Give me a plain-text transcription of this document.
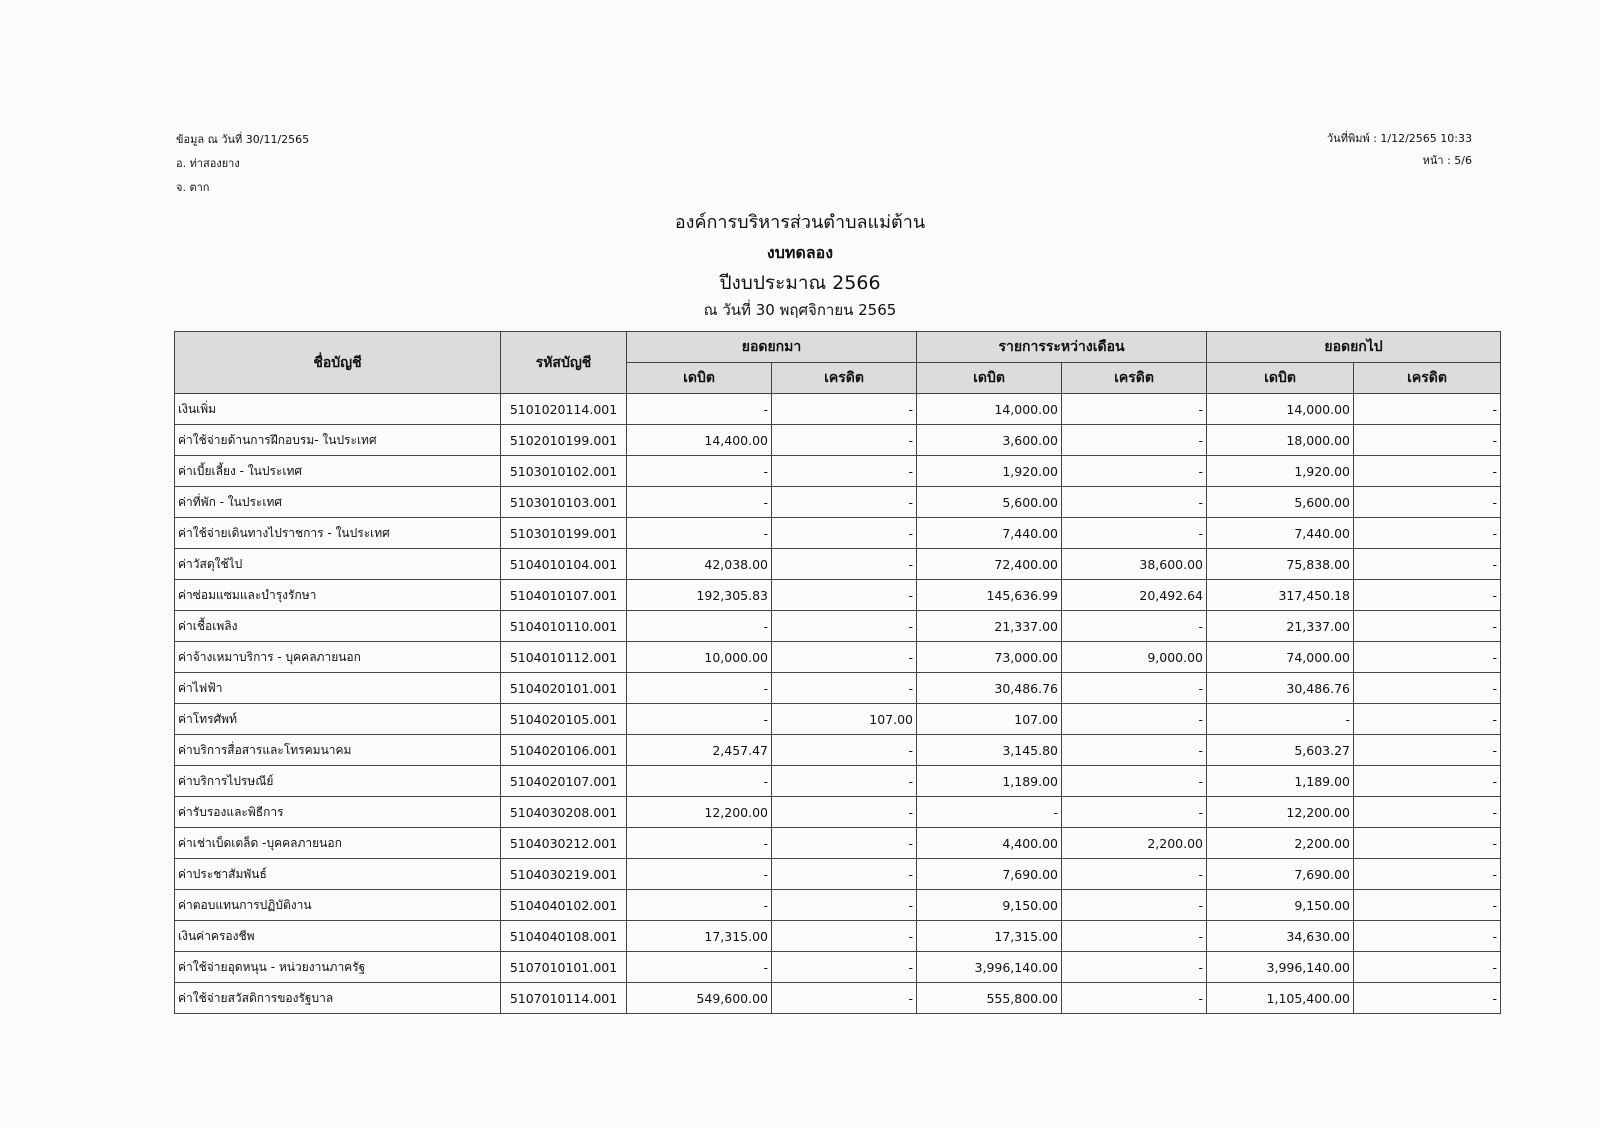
ข้อมูล ณ วันที่ 30/11/2565
อ. ท่าสองยาง
จ. ตาก
วันที่พิมพ์ : 1/12/2565 10:33
หน้า : 5/6
องค์การบริหารส่วนตำบลแม่ต้าน
งบทดลอง
ปีงบประมาณ 2566
ณ วันที่ 30 พฤศจิกายน 2565
ชื่อบัญชี	รหัสบัญชี	ยอดยกมา		รายการระหว่างเดือน		ยอดยกไป	
		เดบิต	เครดิต	เดบิต	เครดิต	เดบิต	เครดิต
เงินเพิ่ม	5101020114.001	-	-	14,000.00	-	14,000.00	-
ค่าใช้จ่ายด้านการฝึกอบรม- ในประเทศ	5102010199.001	14,400.00	-	3,600.00	-	18,000.00	-
ค่าเบี้ยเลี้ยง - ในประเทศ	5103010102.001	-	-	1,920.00	-	1,920.00	-
ค่าที่พัก - ในประเทศ	5103010103.001	-	-	5,600.00	-	5,600.00	-
ค่าใช้จ่ายเดินทางไปราชการ - ในประเทศ	5103010199.001	-	-	7,440.00	-	7,440.00	-
ค่าวัสดุใช้ไป	5104010104.001	42,038.00	-	72,400.00	38,600.00	75,838.00	-
ค่าซ่อมแซมและบำรุงรักษา	5104010107.001	192,305.83	-	145,636.99	20,492.64	317,450.18	-
ค่าเชื้อเพลิง	5104010110.001	-	-	21,337.00	-	21,337.00	-
ค่าจ้างเหมาบริการ - บุคคลภายนอก	5104010112.001	10,000.00	-	73,000.00	9,000.00	74,000.00	-
ค่าไฟฟ้า	5104020101.001	-	-	30,486.76	-	30,486.76	-
ค่าโทรศัพท์	5104020105.001	-	107.00	107.00	-	-	-
ค่าบริการสื่อสารและโทรคมนาคม	5104020106.001	2,457.47	-	3,145.80	-	5,603.27	-
ค่าบริการไปรษณีย์	5104020107.001	-	-	1,189.00	-	1,189.00	-
ค่ารับรองและพิธีการ	5104030208.001	12,200.00	-	-	-	12,200.00	-
ค่าเช่าเบ็ดเตล็ด -บุคคลภายนอก	5104030212.001	-	-	4,400.00	2,200.00	2,200.00	-
ค่าประชาสัมพันธ์	5104030219.001	-	-	7,690.00	-	7,690.00	-
ค่าตอบแทนการปฏิบัติงาน	5104040102.001	-	-	9,150.00	-	9,150.00	-
เงินค่าครองชีพ	5104040108.001	17,315.00	-	17,315.00	-	34,630.00	-
ค่าใช้จ่ายอุดหนุน - หน่วยงานภาครัฐ	5107010101.001	-	-	3,996,140.00	-	3,996,140.00	-
ค่าใช้จ่ายสวัสดิการของรัฐบาล	5107010114.001	549,600.00	-	555,800.00	-	1,105,400.00	-
